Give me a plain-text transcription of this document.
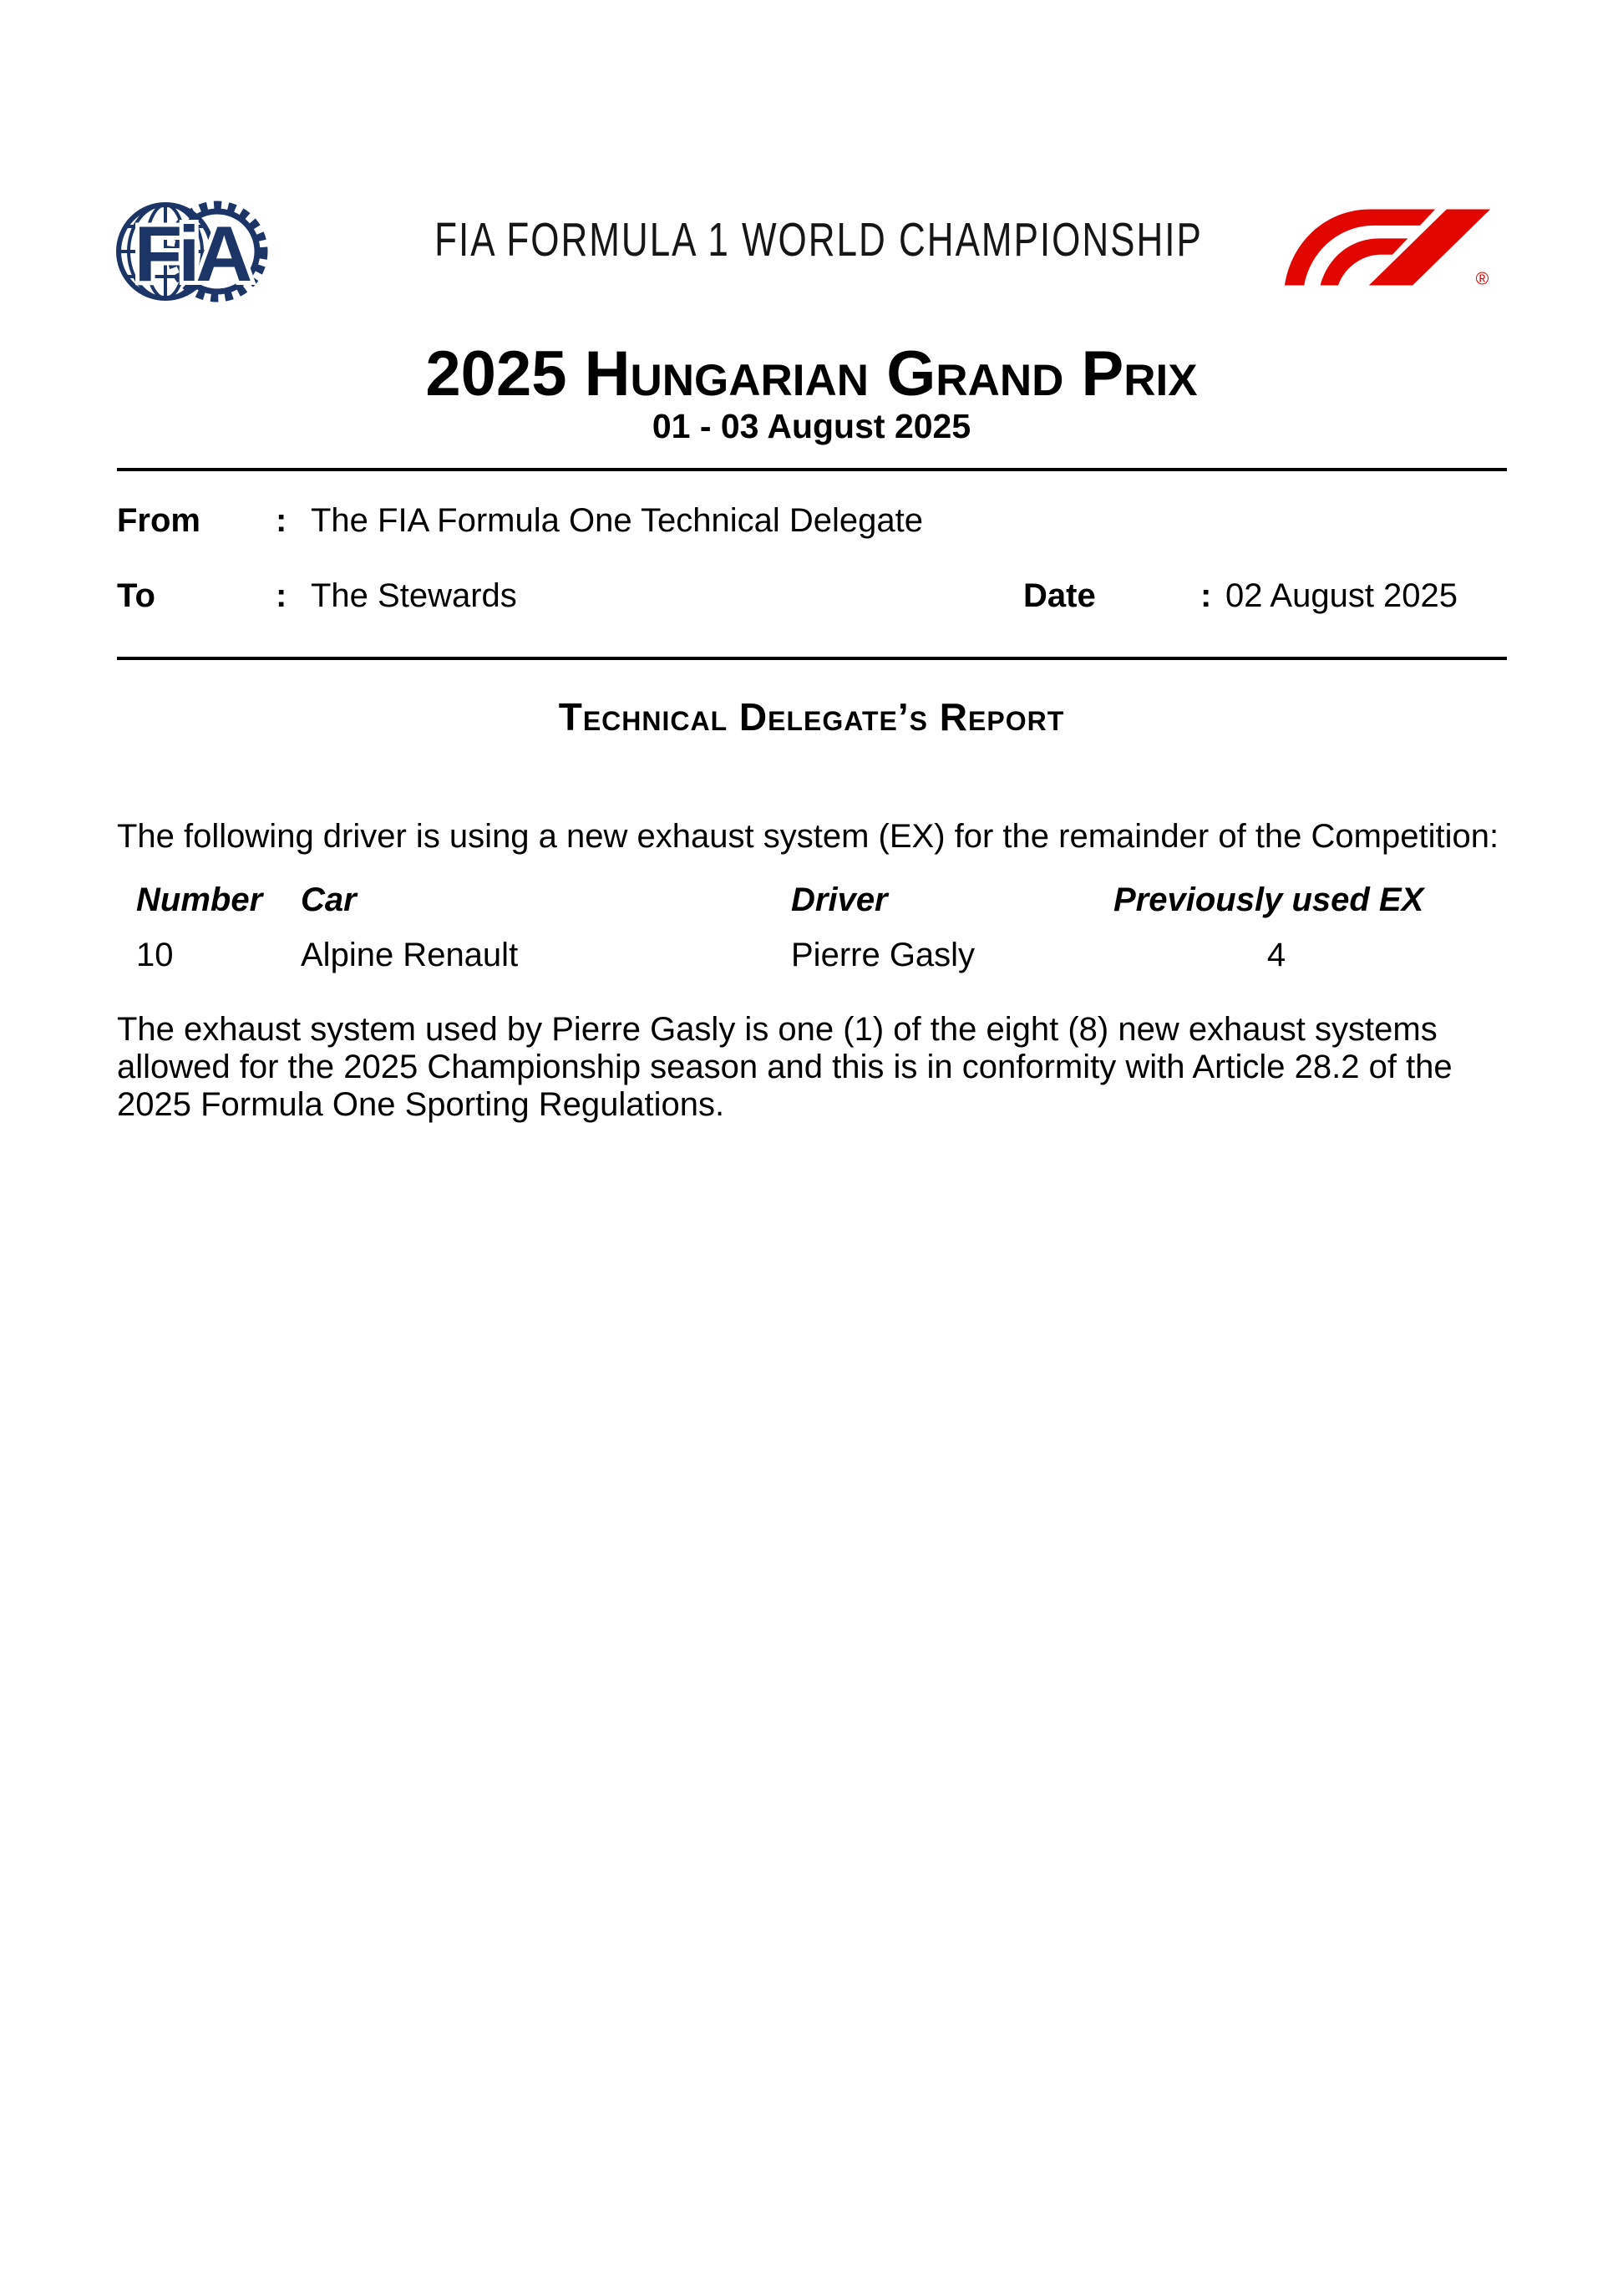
FiA	FIA FORMULA 1 WORLD CHAMPIONSHIP
®
2025 Hungarian Grand Prix
01 - 03 August 2025
From : The FIA Formula One Technical Delegate
To	: The Stewards	Date	: 02 August 2025
Technical Delegate’s Report

The following driver is using a new exhaust system (EX) for the remainder of the Competition:

Number	Car	Driver	Previously used EX
10	Alpine Renault	Pierre Gasly	4
The exhaust system used by Pierre Gasly is one (1) of the eight (8) new exhaust systems
allowed for the 2025 Championship season and this is in conformity with Article 28.2 of the
2025 Formula One Sporting Regulations.
